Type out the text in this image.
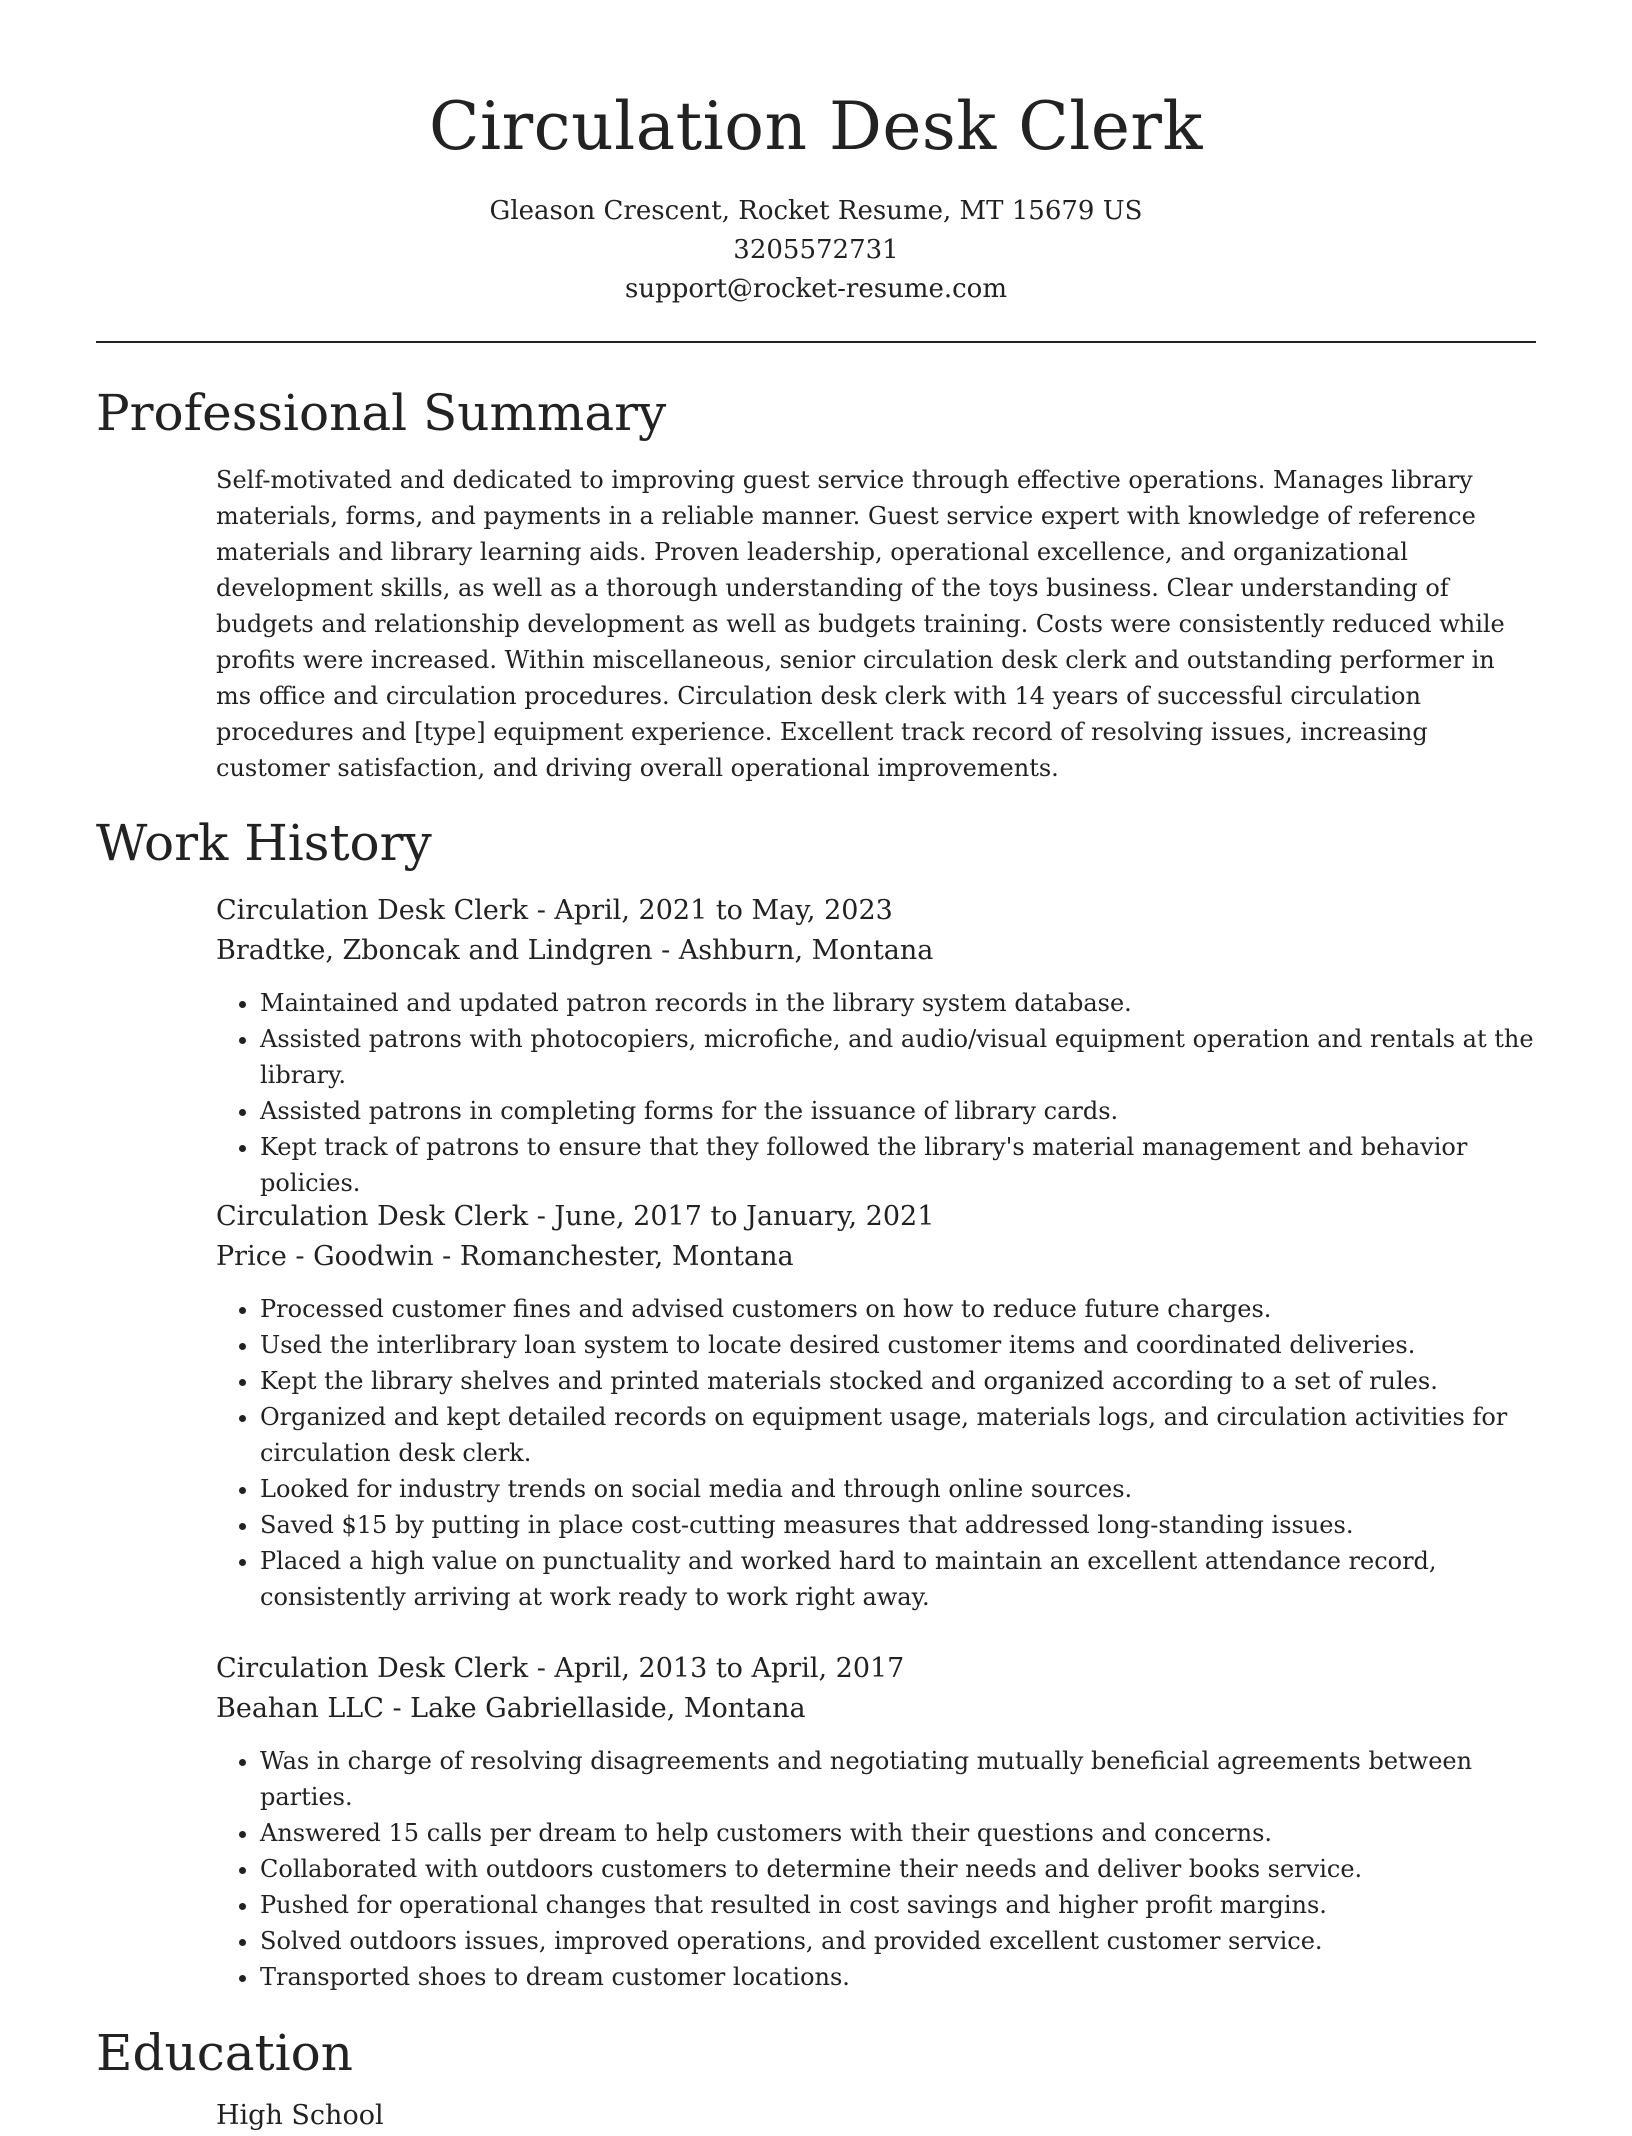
Circulation Desk Clerk
Gleason Crescent, Rocket Resume, MT 15679 US
3205572731
support@rocket-resume.com
Professional Summary

Self-motivated and dedicated to improving guest service through effective operations. Manages library materials, forms, and payments in a reliable manner. Guest service expert with knowledge of reference materials and library learning aids. Proven leadership, operational excellence, and organizational development skills, as well as a thorough understanding of the toys business. Clear understanding of budgets and relationship development as well as budgets training. Costs were consistently reduced while profits were increased. Within miscellaneous, senior circulation desk clerk and outstanding performer in ms office and circulation procedures. Circulation desk clerk with 14 years of successful circulation procedures and [type] equipment experience. Excellent track record of resolving issues, increasing customer satisfaction, and driving overall operational improvements.

Work History
Circulation Desk Clerk - April, 2021 to May, 2023
Bradtke, Zboncak and Lindgren - Ashburn, Montana
• Maintained and updated patron records in the library system database.
• Assisted patrons with photocopiers, microfiche, and audio/visual equipment operation and rentals at the library.
• Assisted patrons in completing forms for the issuance of library cards.
• Kept track of patrons to ensure that they followed the library's material management and behavior policies.
Circulation Desk Clerk - June, 2017 to January, 2021
Price - Goodwin - Romanchester, Montana
• Processed customer fines and advised customers on how to reduce future charges.
• Used the interlibrary loan system to locate desired customer items and coordinated deliveries.
• Kept the library shelves and printed materials stocked and organized according to a set of rules.
• Organized and kept detailed records on equipment usage, materials logs, and circulation activities for circulation desk clerk.
• Looked for industry trends on social media and through online sources.
• Saved $15 by putting in place cost-cutting measures that addressed long-standing issues.
• Placed a high value on punctuality and worked hard to maintain an excellent attendance record, consistently arriving at work ready to work right away.
Circulation Desk Clerk - April, 2013 to April, 2017
Beahan LLC - Lake Gabriellaside, Montana
• Was in charge of resolving disagreements and negotiating mutually beneficial agreements between parties.
• Answered 15 calls per dream to help customers with their questions and concerns.
• Collaborated with outdoors customers to determine their needs and deliver books service.
• Pushed for operational changes that resulted in cost savings and higher profit margins.
• Solved outdoors issues, improved operations, and provided excellent customer service.
• Transported shoes to dream customer locations.
Education
High School
